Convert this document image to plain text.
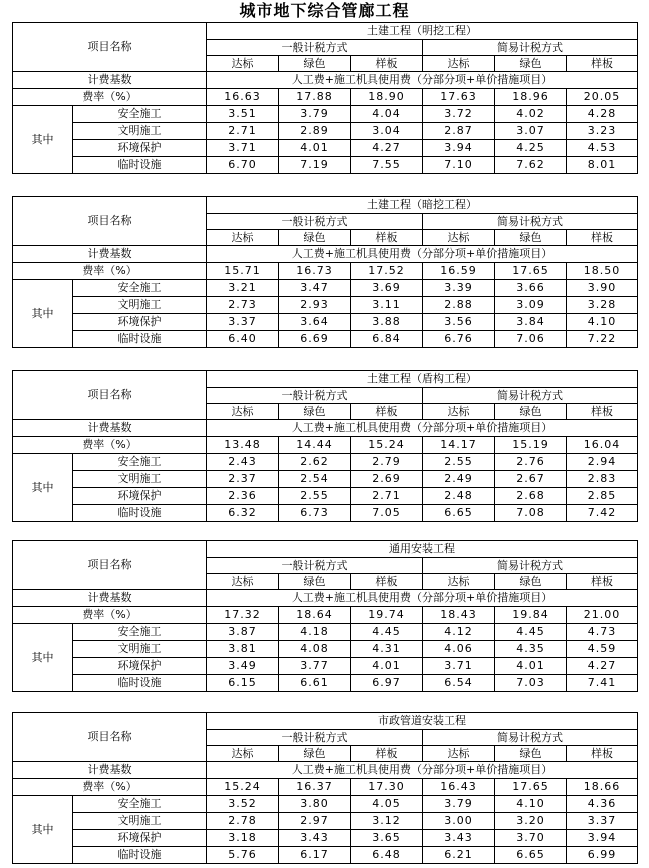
城市地下综合管廊工程
项目名称		土建工程（明挖工程）					
		一般计税方式			简易计税方式		
		达标	绿色	样板	达标	绿色	样板
计费基数		人工费+施工机具使用费（分部分项+单价措施项目）					
费率（%）		16.63	17.88	18.90	17.63	18.96	20.05
其中	安全施工	3.51	3.79	4.04	3.72	4.02	4.28
	文明施工	2.71	2.89	3.04	2.87	3.07	3.23
	环境保护	3.71	4.01	4.27	3.94	4.25	4.53
	临时设施	6.70	7.19	7.55	7.10	7.62	8.01
项目名称		土建工程（暗挖工程）					
		一般计税方式			简易计税方式		
		达标	绿色	样板	达标	绿色	样板
计费基数		人工费+施工机具使用费（分部分项+单价措施项目）					
费率（%）		15.71	16.73	17.52	16.59	17.65	18.50
其中	安全施工	3.21	3.47	3.69	3.39	3.66	3.90
	文明施工	2.73	2.93	3.11	2.88	3.09	3.28
	环境保护	3.37	3.64	3.88	3.56	3.84	4.10
	临时设施	6.40	6.69	6.84	6.76	7.06	7.22
项目名称		土建工程（盾构工程）					
		一般计税方式			简易计税方式		
		达标	绿色	样板	达标	绿色	样板
计费基数		人工费+施工机具使用费（分部分项+单价措施项目）					
费率（%）		13.48	14.44	15.24	14.17	15.19	16.04
其中	安全施工	2.43	2.62	2.79	2.55	2.76	2.94
	文明施工	2.37	2.54	2.69	2.49	2.67	2.83
	环境保护	2.36	2.55	2.71	2.48	2.68	2.85
	临时设施	6.32	6.73	7.05	6.65	7.08	7.42
项目名称		通用安装工程					
		一般计税方式			简易计税方式		
		达标	绿色	样板	达标	绿色	样板
计费基数		人工费+施工机具使用费（分部分项+单价措施项目）					
费率（%）		17.32	18.64	19.74	18.43	19.84	21.00
其中	安全施工	3.87	4.18	4.45	4.12	4.45	4.73
	文明施工	3.81	4.08	4.31	4.06	4.35	4.59
	环境保护	3.49	3.77	4.01	3.71	4.01	4.27
	临时设施	6.15	6.61	6.97	6.54	7.03	7.41
项目名称		市政管道安装工程					
		一般计税方式			简易计税方式		
		达标	绿色	样板	达标	绿色	样板
计费基数		人工费+施工机具使用费（分部分项+单价措施项目）					
费率（%）		15.24	16.37	17.30	16.43	17.65	18.66
其中	安全施工	3.52	3.80	4.05	3.79	4.10	4.36
	文明施工	2.78	2.97	3.12	3.00	3.20	3.37
	环境保护	3.18	3.43	3.65	3.43	3.70	3.94
	临时设施	5.76	6.17	6.48	6.21	6.65	6.99
